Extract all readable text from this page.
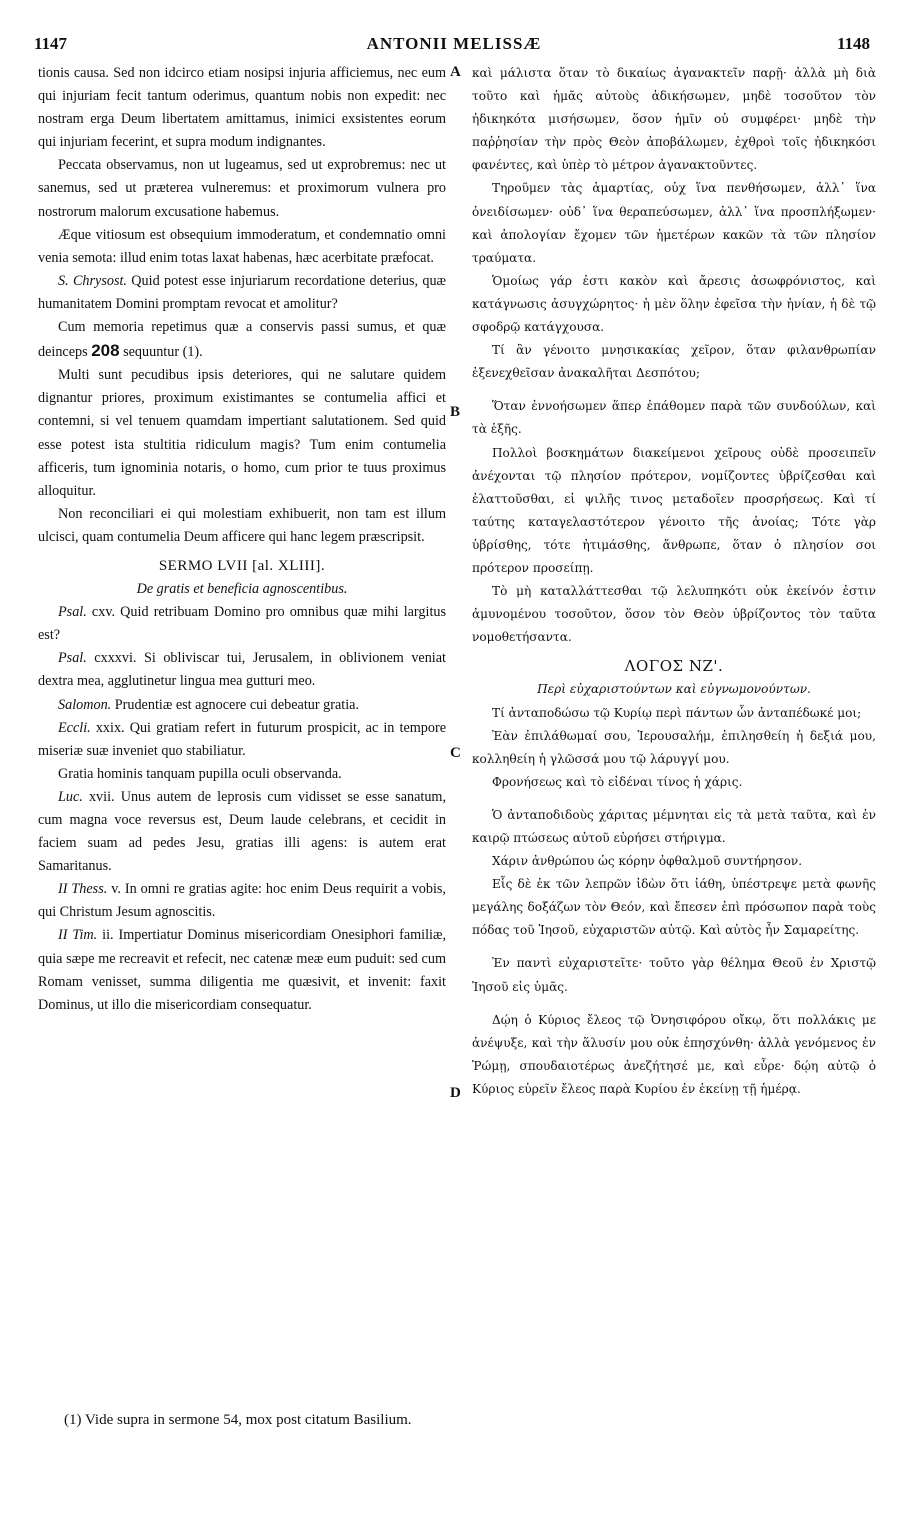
1147	ANTONII MELISSÆ	1148
A
B
C
D

tionis causa. Sed non idcirco etiam nosipsi injuria afficiemus, nec eum qui injuriam fecit tantum oderimus, quantum nobis non expedit: nec nostram erga Deum libertatem amittamus, inimici exsistentes eorum qui injuriam fecerint, et supra modum indignantes.

Peccata observamus, non ut lugeamus, sed ut exprobremus: nec ut sanemus, sed ut præterea vulneremus: et proximorum vulnera pro nostrorum malorum excusatione habemus.

Æque vitiosum est obsequium immoderatum, et condemnatio omni venia semota: illud enim totas laxat habenas, hæc acerbitate præfocat.

S. Chrysost. Quid potest esse injuriarum recordatione deterius, quæ humanitatem Domini promptam revocat et amolitur?

Cum memoria repetimus quæ a conservis passi sumus, et quæ deinceps 208 sequuntur (1).

Multi sunt pecudibus ipsis deteriores, qui ne salutare quidem dignantur priores, proximum existimantes se contumelia affici et contemni, si vel tenuem quamdam impertiant salutationem. Sed quid esse potest ista stultitia ridiculum magis? Tum enim contumelia afficeris, tum ignominia notaris, o homo, cum prior te tuus proximus alloquitur.

Non reconciliari ei qui molestiam exhibuerit, non tam est illum ulcisci, quam contumelia Deum afficere qui hanc legem præscripsit.

SERMO LVII [al. XLIII].

De gratis et beneficia agnoscentibus.

Psal. cxv. Quid retribuam Domino pro omnibus quæ mihi largitus est?

Psal. cxxxvi. Si obliviscar tui, Jerusalem, in oblivionem veniat dextra mea, agglutinetur lingua mea gutturi meo.

Salomon. Prudentiæ est agnocere cui debeatur gratia.

Eccli. xxix. Qui gratiam refert in futurum prospicit, ac in tempore miseriæ suæ inveniet quo stabiliatur.

Gratia hominis tanquam pupilla oculi observanda.

Luc. xvii. Unus autem de leprosis cum vidisset se esse sanatum, cum magna voce reversus est, Deum laude celebrans, et cecidit in faciem suam ad pedes Jesu, gratias illi agens: is autem erat Samaritanus.

II Thess. v. In omni re gratias agite: hoc enim Deus requirit a vobis, qui Christum Jesum agnoscitis.

II Tim. ii. Impertiatur Dominus misericordiam Onesiphori familiæ, quia sæpe me recreavit et refecit, nec catenæ meæ eum puduit: sed cum Romam venisset, summa diligentia me quæsivit, et invenit: faxit Dominus, ut illo die misericordiam consequatur.

καὶ μάλιστα ὅταν τὸ δικαίως ἀγανακτεῖν παρῇ· ἀλλὰ μὴ διὰ τοῦτο καὶ ἡμᾶς αὐτοὺς ἀδικήσωμεν, μηδὲ τοσοῦτον τὸν ἠδικηκότα μισήσωμεν, ὅσον ἡμῖν οὐ συμφέρει· μηδὲ τὴν παῤῥησίαν τὴν πρὸς Θεὸν ἀποβάλωμεν, ἐχθροὶ τοῖς ἠδικηκόσι φανέντες, καὶ ὑπὲρ τὸ μέτρον ἀγανακτοῦντες.

Τηροῦμεν τὰς ἁμαρτίας, οὐχ ἵνα πενθήσωμεν, ἀλλ᾽ ἵνα ὀνειδίσωμεν· οὐδ᾽ ἵνα θεραπεύσωμεν, ἀλλ᾽ ἵνα προσπλήξωμεν· καὶ ἀπολογίαν ἔχομεν τῶν ἡμετέρων κακῶν τὰ τῶν πλησίον τραύματα.

Ὁμοίως γάρ ἐστι κακὸν καὶ ἄρεσις ἀσωφρόνιστος, καὶ κατάγνωσις ἀσυγχώρητος· ἡ μὲν ὅλην ἐφεῖσα τὴν ἡνίαν, ἡ δὲ τῷ σφοδρῷ κατάγχουσα.

Τί ἂν γένοιτο μνησικακίας χεῖρον, ὅταν φιλανθρωπίαν ἐξενεχθεῖσαν ἀνακαλῆται Δεσπότου;

Ὅταν ἐννοήσωμεν ἅπερ ἐπάθομεν παρὰ τῶν συνδούλων, καὶ τὰ ἑξῆς.

Πολλοὶ βοσκημάτων διακείμενοι χεῖρους οὐδὲ προσειπεῖν ἀνέχονται τῷ πλησίον πρότερον, νομίζοντες ὑβρίζεσθαι καὶ ἐλαττοῦσθαι, εἰ ψιλῆς τινος μεταδοῖεν προσρήσεως. Καὶ τί ταύτης καταγελαστότερον γένοιτο τῆς ἀνοίας; Τότε γὰρ ὑβρίσθης, τότε ἠτιμάσθης, ἄνθρωπε, ὅταν ὁ πλησίον σοι πρότερον προσείπῃ.

Τὸ μὴ καταλλάττεσθαι τῷ λελυπηκότι οὐκ ἐκείνόν ἐστιν ἀμυνομένου τοσοῦτον, ὅσον τὸν Θεὸν ὑβρίζοντος τὸν ταῦτα νομοθετήσαντα.

ΛΟΓΟΣ ΝΖ'.

Περὶ εὐχαριστούντων καὶ εὐγνωμονούντων.

Τί ἀνταποδώσω τῷ Κυρίῳ περὶ πάντων ὧν ἀνταπέδωκέ μοι;

Ἐὰν ἐπιλάθωμαί σου, Ἱερουσαλήμ, ἐπιλησθείη ἡ δεξιά μου, κολληθείη ἡ γλῶσσά μου τῷ λάρυγγί μου.

Φρονήσεως καὶ τὸ εἰδέναι τίνος ἡ χάρις.

Ὁ ἀνταποδιδοὺς χάριτας μέμνηται εἰς τὰ μετὰ ταῦτα, καὶ ἐν καιρῷ πτώσεως αὐτοῦ εὑρήσει στήριγμα.

Χάριν ἀνθρώπου ὡς κόρην ὀφθαλμοῦ συντήρησον.

Εἷς δὲ ἐκ τῶν λεπρῶν ἰδὼν ὅτι ἰάθη, ὑπέστρεψε μετὰ φωνῆς μεγάλης δοξάζων τὸν Θεόν, καὶ ἔπεσεν ἐπὶ πρόσωπον παρὰ τοὺς πόδας τοῦ Ἰησοῦ, εὐχαριστῶν αὐτῷ. Καὶ αὐτὸς ἦν Σαμαρείτης.

Ἐν παντὶ εὐχαριστεῖτε· τοῦτο γὰρ θέλημα Θεοῦ ἐν Χριστῷ Ἰησοῦ εἰς ὑμᾶς.

Δῴη ὁ Κύριος ἔλεος τῷ Ὀνησιφόρου οἴκῳ, ὅτι πολλάκις με ἀνέψυξε, καὶ τὴν ἅλυσίν μου οὐκ ἐπησχύνθη· ἀλλὰ γενόμενος ἐν Ῥώμῃ, σπουδαιοτέρως ἀνεζήτησέ με, καὶ εὗρε· δῴη αὐτῷ ὁ Κύριος εὑρεῖν ἔλεος παρὰ Κυρίου ἐν ἐκείνῃ τῇ ἡμέρᾳ.

(1) Vide supra in sermone 54, mox post citatum Basilium.
